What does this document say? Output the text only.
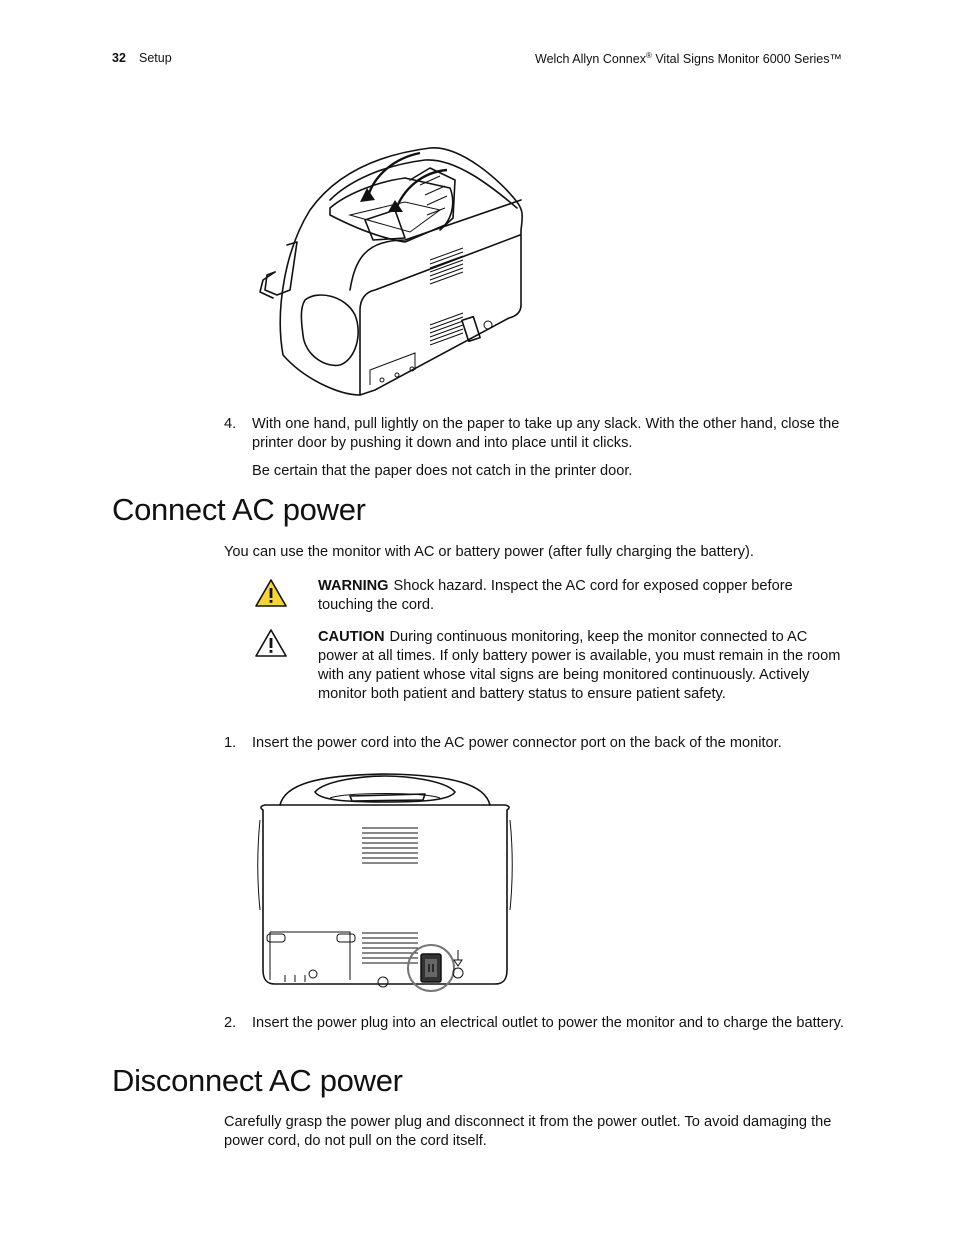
32 Setup	Welch Allyn Connex® Vital Signs Monitor 6000 Series™
4. With one hand, pull lightly on the paper to take up any slack. With the other hand, close the printer door by pushing it down and into place until it clicks.
Be certain that the paper does not catch in the printer door.
Connect AC power
You can use the monitor with AC or battery power (after fully charging the battery).
WARNING Shock hazard. Inspect the AC cord for exposed copper before touching the cord.
CAUTION During continuous monitoring, keep the monitor connected to AC power at all times. If only battery power is available, you must remain in the room with any patient whose vital signs are being monitored continuously. Actively monitor both patient and battery status to ensure patient safety.
1. Insert the power cord into the AC power connector port on the back of the monitor.
2. Insert the power plug into an electrical outlet to power the monitor and to charge the battery.
Disconnect AC power
Carefully grasp the power plug and disconnect it from the power outlet. To avoid damaging the power cord, do not pull on the cord itself.
